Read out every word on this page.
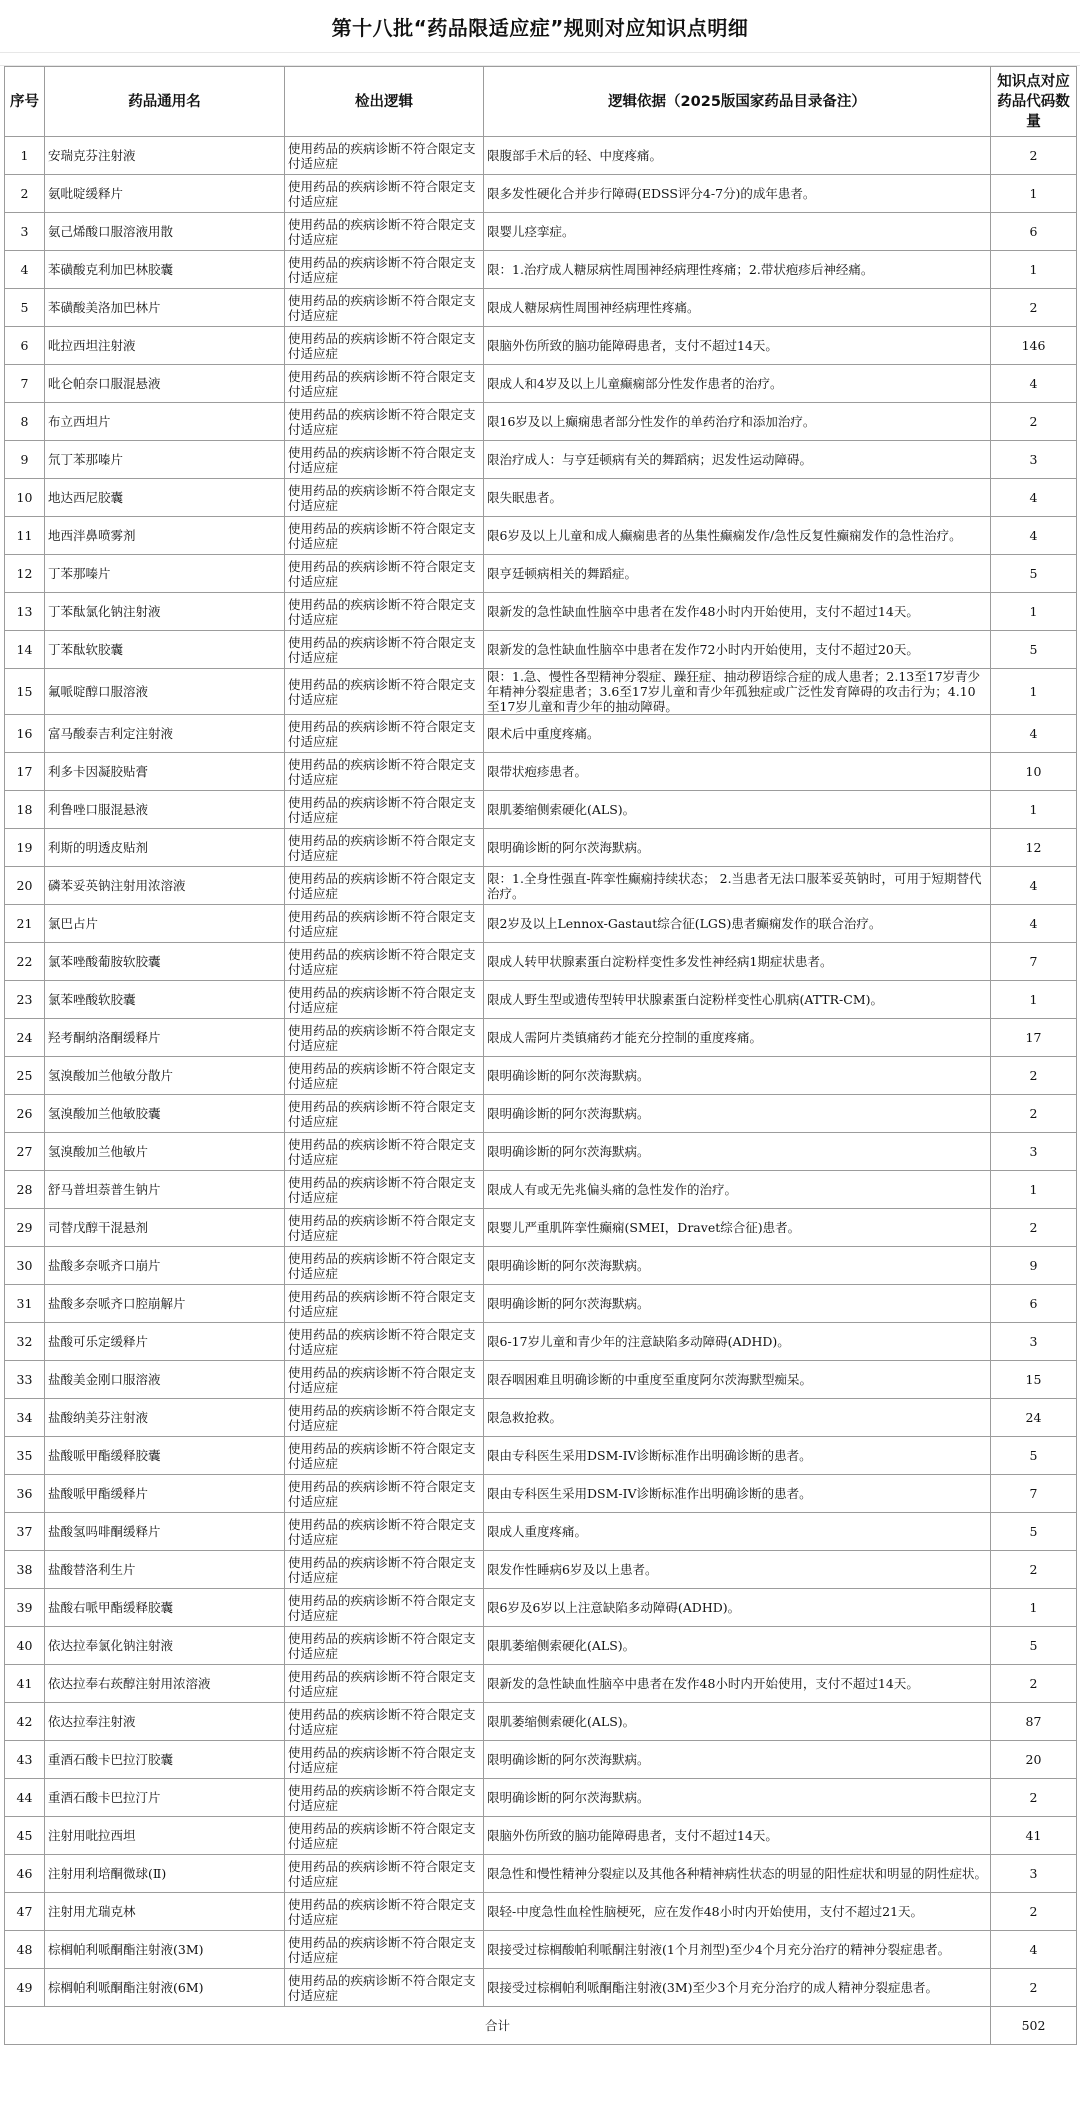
第十八批“药品限适应症”规则对应知识点明细
序号	药品通用名	检出逻辑	逻辑依据（2025版国家药品目录备注）	知识点对应药品代码数量
1	安瑞克芬注射液	使用药品的疾病诊断不符合限定支付适应症	限腹部手术后的轻、中度疼痛。	2
2	氨吡啶缓释片	使用药品的疾病诊断不符合限定支付适应症	限多发性硬化合并步行障碍(EDSS评分4-7分)的成年患者。	1
3	氨己烯酸口服溶液用散	使用药品的疾病诊断不符合限定支付适应症	限婴儿痉挛症。	6
4	苯磺酸克利加巴林胶囊	使用药品的疾病诊断不符合限定支付适应症	限：1.治疗成人糖尿病性周围神经病理性疼痛；2.带状疱疹后神经痛。	1
5	苯磺酸美洛加巴林片	使用药品的疾病诊断不符合限定支付适应症	限成人糖尿病性周围神经病理性疼痛。	2
6	吡拉西坦注射液	使用药品的疾病诊断不符合限定支付适应症	限脑外伤所致的脑功能障碍患者，支付不超过14天。	146
7	吡仑帕奈口服混悬液	使用药品的疾病诊断不符合限定支付适应症	限成人和4岁及以上儿童癫痫部分性发作患者的治疗。	4
8	布立西坦片	使用药品的疾病诊断不符合限定支付适应症	限16岁及以上癫痫患者部分性发作的单药治疗和添加治疗。	2
9	氘丁苯那嗪片	使用药品的疾病诊断不符合限定支付适应症	限治疗成人：与亨廷顿病有关的舞蹈病；迟发性运动障碍。	3
10	地达西尼胶囊	使用药品的疾病诊断不符合限定支付适应症	限失眠患者。	4
11	地西泮鼻喷雾剂	使用药品的疾病诊断不符合限定支付适应症	限6岁及以上儿童和成人癫痫患者的丛集性癫痫发作/急性反复性癫痫发作的急性治疗。	4
12	丁苯那嗪片	使用药品的疾病诊断不符合限定支付适应症	限亨廷顿病相关的舞蹈症。	5
13	丁苯酞氯化钠注射液	使用药品的疾病诊断不符合限定支付适应症	限新发的急性缺血性脑卒中患者在发作48小时内开始使用，支付不超过14天。	1
14	丁苯酞软胶囊	使用药品的疾病诊断不符合限定支付适应症	限新发的急性缺血性脑卒中患者在发作72小时内开始使用，支付不超过20天。	5
15	氟哌啶醇口服溶液	使用药品的疾病诊断不符合限定支付适应症	限：1.急、慢性各型精神分裂症、躁狂症、抽动秽语综合症的成人患者；2.13至17岁青少年精神分裂症患者；3.6至17岁儿童和青少年孤独症或广泛性发育障碍的攻击行为；4.10至17岁儿童和青少年的抽动障碍。	1
16	富马酸泰吉利定注射液	使用药品的疾病诊断不符合限定支付适应症	限术后中重度疼痛。	4
17	利多卡因凝胶贴膏	使用药品的疾病诊断不符合限定支付适应症	限带状疱疹患者。	10
18	利鲁唑口服混悬液	使用药品的疾病诊断不符合限定支付适应症	限肌萎缩侧索硬化(ALS)。	1
19	利斯的明透皮贴剂	使用药品的疾病诊断不符合限定支付适应症	限明确诊断的阿尔茨海默病。	12
20	磷苯妥英钠注射用浓溶液	使用药品的疾病诊断不符合限定支付适应症	限：1.全身性强直-阵挛性癫痫持续状态； 2.当患者无法口服苯妥英钠时，可用于短期替代治疗。	4
21	氯巴占片	使用药品的疾病诊断不符合限定支付适应症	限2岁及以上Lennox-Gastaut综合征(LGS)患者癫痫发作的联合治疗。	4
22	氯苯唑酸葡胺软胶囊	使用药品的疾病诊断不符合限定支付适应症	限成人转甲状腺素蛋白淀粉样变性多发性神经病1期症状患者。	7
23	氯苯唑酸软胶囊	使用药品的疾病诊断不符合限定支付适应症	限成人野生型或遗传型转甲状腺素蛋白淀粉样变性心肌病(ATTR-CM)。	1
24	羟考酮纳洛酮缓释片	使用药品的疾病诊断不符合限定支付适应症	限成人需阿片类镇痛药才能充分控制的重度疼痛。	17
25	氢溴酸加兰他敏分散片	使用药品的疾病诊断不符合限定支付适应症	限明确诊断的阿尔茨海默病。	2
26	氢溴酸加兰他敏胶囊	使用药品的疾病诊断不符合限定支付适应症	限明确诊断的阿尔茨海默病。	2
27	氢溴酸加兰他敏片	使用药品的疾病诊断不符合限定支付适应症	限明确诊断的阿尔茨海默病。	3
28	舒马普坦萘普生钠片	使用药品的疾病诊断不符合限定支付适应症	限成人有或无先兆偏头痛的急性发作的治疗。	1
29	司替戊醇干混悬剂	使用药品的疾病诊断不符合限定支付适应症	限婴儿严重肌阵挛性癫痫(SMEI，Dravet综合征)患者。	2
30	盐酸多奈哌齐口崩片	使用药品的疾病诊断不符合限定支付适应症	限明确诊断的阿尔茨海默病。	9
31	盐酸多奈哌齐口腔崩解片	使用药品的疾病诊断不符合限定支付适应症	限明确诊断的阿尔茨海默病。	6
32	盐酸可乐定缓释片	使用药品的疾病诊断不符合限定支付适应症	限6-17岁儿童和青少年的注意缺陷多动障碍(ADHD)。	3
33	盐酸美金刚口服溶液	使用药品的疾病诊断不符合限定支付适应症	限吞咽困难且明确诊断的中重度至重度阿尔茨海默型痴呆。	15
34	盐酸纳美芬注射液	使用药品的疾病诊断不符合限定支付适应症	限急救抢救。	24
35	盐酸哌甲酯缓释胶囊	使用药品的疾病诊断不符合限定支付适应症	限由专科医生采用DSM-IV诊断标准作出明确诊断的患者。	5
36	盐酸哌甲酯缓释片	使用药品的疾病诊断不符合限定支付适应症	限由专科医生采用DSM-IV诊断标准作出明确诊断的患者。	7
37	盐酸氢吗啡酮缓释片	使用药品的疾病诊断不符合限定支付适应症	限成人重度疼痛。	5
38	盐酸替洛利生片	使用药品的疾病诊断不符合限定支付适应症	限发作性睡病6岁及以上患者。	2
39	盐酸右哌甲酯缓释胶囊	使用药品的疾病诊断不符合限定支付适应症	限6岁及6岁以上注意缺陷多动障碍(ADHD)。	1
40	依达拉奉氯化钠注射液	使用药品的疾病诊断不符合限定支付适应症	限肌萎缩侧索硬化(ALS)。	5
41	依达拉奉右莰醇注射用浓溶液	使用药品的疾病诊断不符合限定支付适应症	限新发的急性缺血性脑卒中患者在发作48小时内开始使用，支付不超过14天。	2
42	依达拉奉注射液	使用药品的疾病诊断不符合限定支付适应症	限肌萎缩侧索硬化(ALS)。	87
43	重酒石酸卡巴拉汀胶囊	使用药品的疾病诊断不符合限定支付适应症	限明确诊断的阿尔茨海默病。	20
44	重酒石酸卡巴拉汀片	使用药品的疾病诊断不符合限定支付适应症	限明确诊断的阿尔茨海默病。	2
45	注射用吡拉西坦	使用药品的疾病诊断不符合限定支付适应症	限脑外伤所致的脑功能障碍患者，支付不超过14天。	41
46	注射用利培酮微球(Ⅱ)	使用药品的疾病诊断不符合限定支付适应症	限急性和慢性精神分裂症以及其他各种精神病性状态的明显的阳性症状和明显的阴性症状。	3
47	注射用尤瑞克林	使用药品的疾病诊断不符合限定支付适应症	限轻-中度急性血栓性脑梗死，应在发作48小时内开始使用，支付不超过21天。	2
48	棕榈帕利哌酮酯注射液(3M)	使用药品的疾病诊断不符合限定支付适应症	限接受过棕榈酸帕利哌酮注射液(1个月剂型)至少4个月充分治疗的精神分裂症患者。	4
49	棕榈帕利哌酮酯注射液(6M)	使用药品的疾病诊断不符合限定支付适应症	限接受过棕榈帕利哌酮酯注射液(3M)至少3个月充分治疗的成人精神分裂症患者。	2
合计				502
